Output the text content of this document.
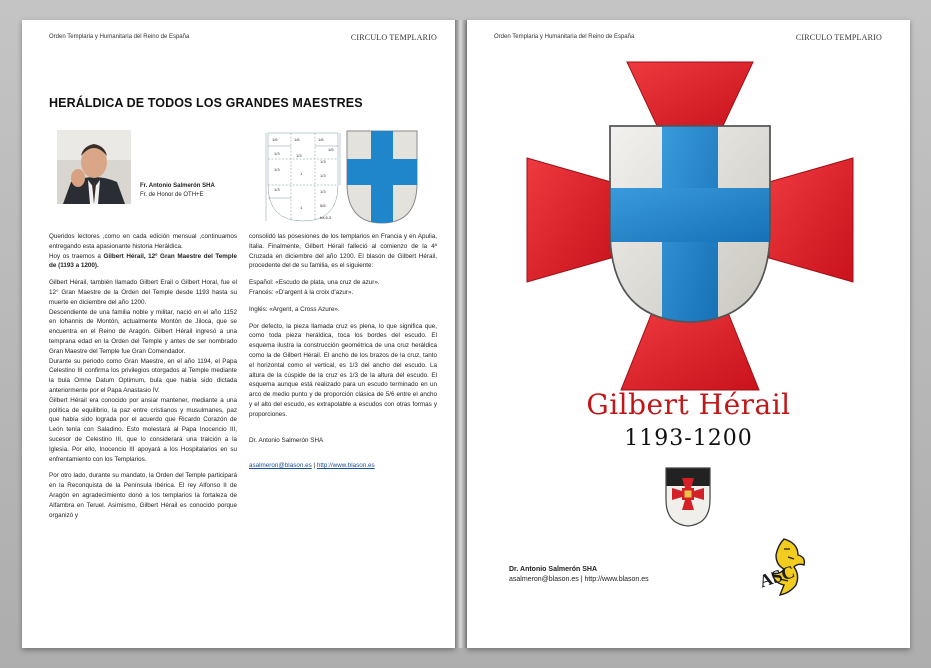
Orden Templaria y Humanitaria del Reino de España	CIRCULO TEMPLARIO
HERÁLDICA DE TODOS LOS GRANDES MAESTRES
Fr. Antonio Salmerón SHA
Fr. de Honor de OTH+E
1/6	1/6	1/6
1/6
1/3	1/3
1/3
1/3
1	1/3
1/3	1/3
5/6
1
ba 6-5

Queridos lectores ,como en cada edición mensual ,continuamos entregando esta apasionante historia Heráldica.

Hoy os traemos a Gilbert Hérail, 12º Gran Maestre del Temple de (1193 a 1200).

Gilbert Hérail, también llamado Gilbert Erail o Gilbert Horal, fue el 12° Gran Maestre de la Orden del Temple desde 1193 hasta su muerte en diciembre del año 1200.

Descendiente de una familia noble y militar, nació en el año 1152 en Iohannis de Montón, actualmente Montón de Jiloca, que se encuentra en el Reino de Aragón. Gilbert Hérail ingresó a una temprana edad en la Orden del Temple y antes de ser nombrado Gran Maestre del Temple fue Gran Comendador.

Durante su periodo como Gran Maestre, en el año 1194, el Papa Celestino III confirma los privilegios otorgados al Temple mediante la bula Omne Datum Optimum, bula que había sido dictada anteriormente por el Papa Anastasio IV.

Gilbert Hérail era conocido por ansiar mantener, mediante a una política de equilibrio, la paz entre cristianos y musulmanes, paz que había sido lograda por el acuerdo que Ricardo Corazón de León tenía con Saladino. Esto molestará al Papa Inocencio III, sucesor de Celestino III, que lo considerará una traición a la Iglesia. Por ello, Inocencio III apoyará a los Hospitalarios en su enfrentamiento con los Templarios.

Por otro lado, durante su mandato, la Orden del Temple participará en la Reconquista de la Península Ibérica. El rey Alfonso II de Aragón en agradecimiento donó a los templarios la fortaleza de Alfambra en Teruel. Asimismo, Gilbert Hérail es conocido porque organizó y

consolidó las posesiones de los templarios en Francia y en Apulia, Italia. Finalmente, Gilbert Hérail falleció al comienzo de la 4ª Cruzada en diciembre del año 1200. El blasón de Gilbert Hérail, procedente del de su familia, es el siguiente:

Español: «Escudo de plata, una cruz de azur».

Francés: «D'argent à la croix d'azur».

Inglés: «Argent, a Cross Azure».

Por defecto, la pieza llamada cruz es plena, lo que significa que, como toda pieza heráldica, toca los bordes del escudo. El esquema ilustra la construcción geométrica de una cruz heráldica como la de Gilbert Hérail. El ancho de los brazos de la cruz, tanto el horizontal como el vertical, es 1/3 del ancho del escudo. La altura de la cúspide de la cruz es 1/3 de la altura del escudo. El esquema aunque está realizado para un escudo terminado en un arco de medio punto y de proporción clásica de 5/6 entre el ancho y el alto del escudo, es extrapolable a escudos con otras formas y proporciones.

Dr. Antonio Salmerón SHA

asalmeron@blason.es | http://www.blason.es

Orden Templaria y Humanitaria del Reino de España	CIRCULO TEMPLARIO
Gilbert Hérail
1193-1200
Dr. Antonio Salmerón SHA
asalmeron@blason.es | http://www.blason.es	ASC
